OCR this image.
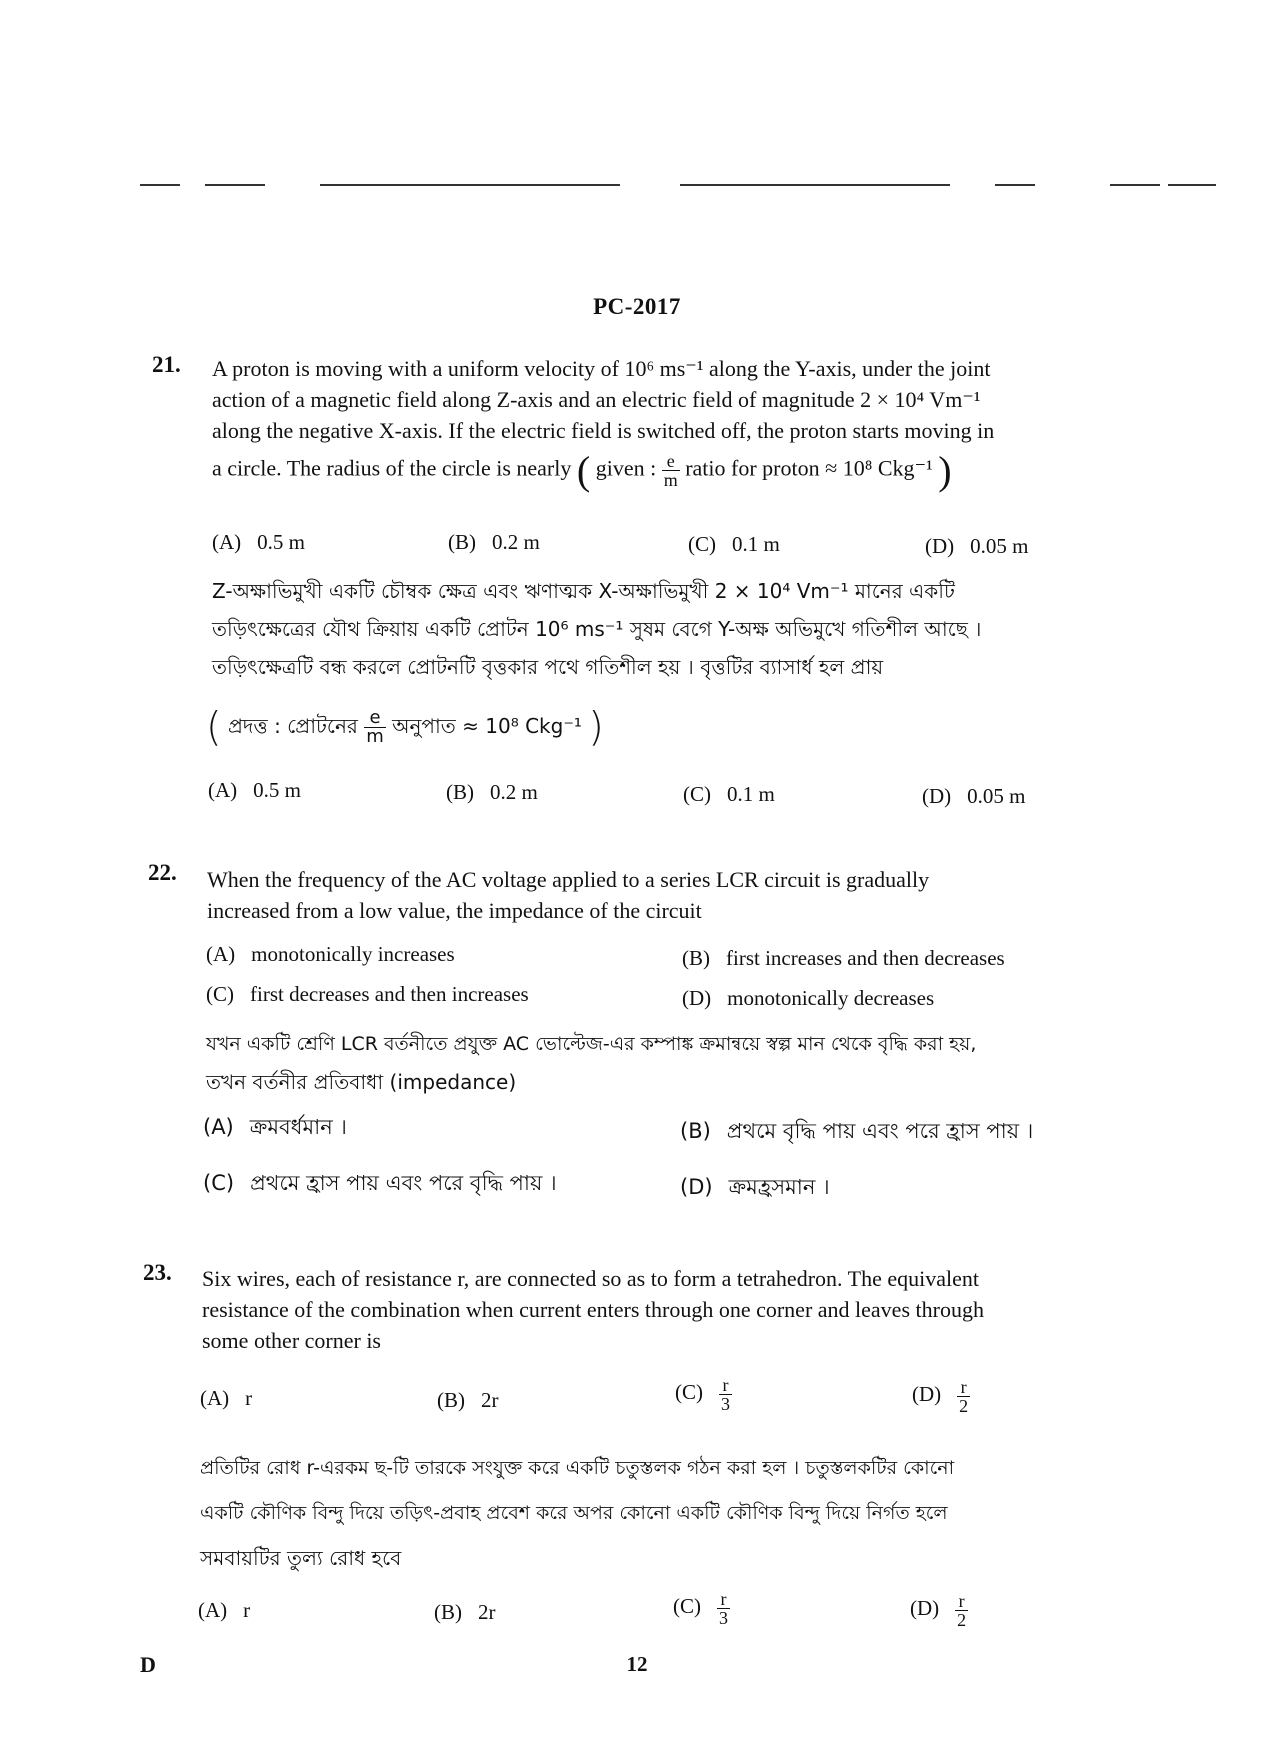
PC-2017
21. A proton is moving with a uniform velocity of 10⁶ ms⁻¹ along the Y-axis, under the joint
action of a magnetic field along Z-axis and an electric field of magnitude 2 × 10⁴ Vm⁻¹
along the negative X-axis. If the electric field is switched off, the proton starts moving in
a circle. The radius of the circle is nearly ( given : $\frac{e}{m}$ ratio for proton ≈ 10⁸ Ckg⁻¹ )
(A) 0.5 m	(B) 0.2 m	(C) 0.1 m	(D) 0.05 m
Z-অক্ষাভিমুখী একটি চৌম্বক ক্ষেত্র এবং ঋণাত্মক X-অক্ষাভিমুখী 2 × 10⁴ Vm⁻¹ মানের একটি
তড়িৎক্ষেত্রের যৌথ ক্রিয়ায় একটি প্রোটন 10⁶ ms⁻¹ সুষম বেগে Y-অক্ষ অভিমুখে গতিশীল আছে ।
তড়িৎক্ষেত্রটি বন্ধ করলে প্রোটনটি বৃত্তকার পথে গতিশীল হয় । বৃত্তটির ব্যাসার্ধ হল প্রায়
( প্রদত্ত : প্রোটনের $\frac{e}{m}$ অনুপাত ≈ 10⁸ Ckg⁻¹ )
(A) 0.5 m	(B) 0.2 m	(C) 0.1 m	(D) 0.05 m
22. When the frequency of the AC voltage applied to a series LCR circuit is gradually
increased from a low value, the impedance of the circuit
(A) monotonically increases	(B) first increases and then decreases
(C) first decreases and then increases	(D) monotonically decreases
যখন একটি শ্রেণি LCR বর্তনীতে প্রযুক্ত AC ভোল্টেজ-এর কম্পাঙ্ক ক্রমান্বয়ে স্বল্প মান থেকে বৃদ্ধি করা হয়,
তখন বর্তনীর প্রতিবাধা (impedance)
(A) ক্রমবর্ধমান ।	(B) প্রথমে বৃদ্ধি পায় এবং পরে হ্রাস পায় ।
(C) প্রথমে হ্রাস পায় এবং পরে বৃদ্ধি পায় ।	(D) ক্রমহ্রসমান ।
23. Six wires, each of resistance r, are connected so as to form a tetrahedron. The equivalent
resistance of the combination when current enters through one corner and leaves through
some other corner is
(A) r	(B) 2r	$(C) \frac{r}{3}$	$(D) \frac{r}{2}$
প্রতিটির রোধ r-এরকম ছ-টি তারকে সংযুক্ত করে একটি চতুস্তলক গঠন করা হল । চতুস্তলকটির কোনো
একটি কৌণিক বিন্দু দিয়ে তড়িৎ-প্রবাহ প্রবেশ করে অপর কোনো একটি কৌণিক বিন্দু দিয়ে নির্গত হলে
সমবায়টির তুল্য রোধ হবে
(A) r	(B) 2r	$(C) \frac{r}{3}$	$(D) \frac{r}{2}$
D	12
